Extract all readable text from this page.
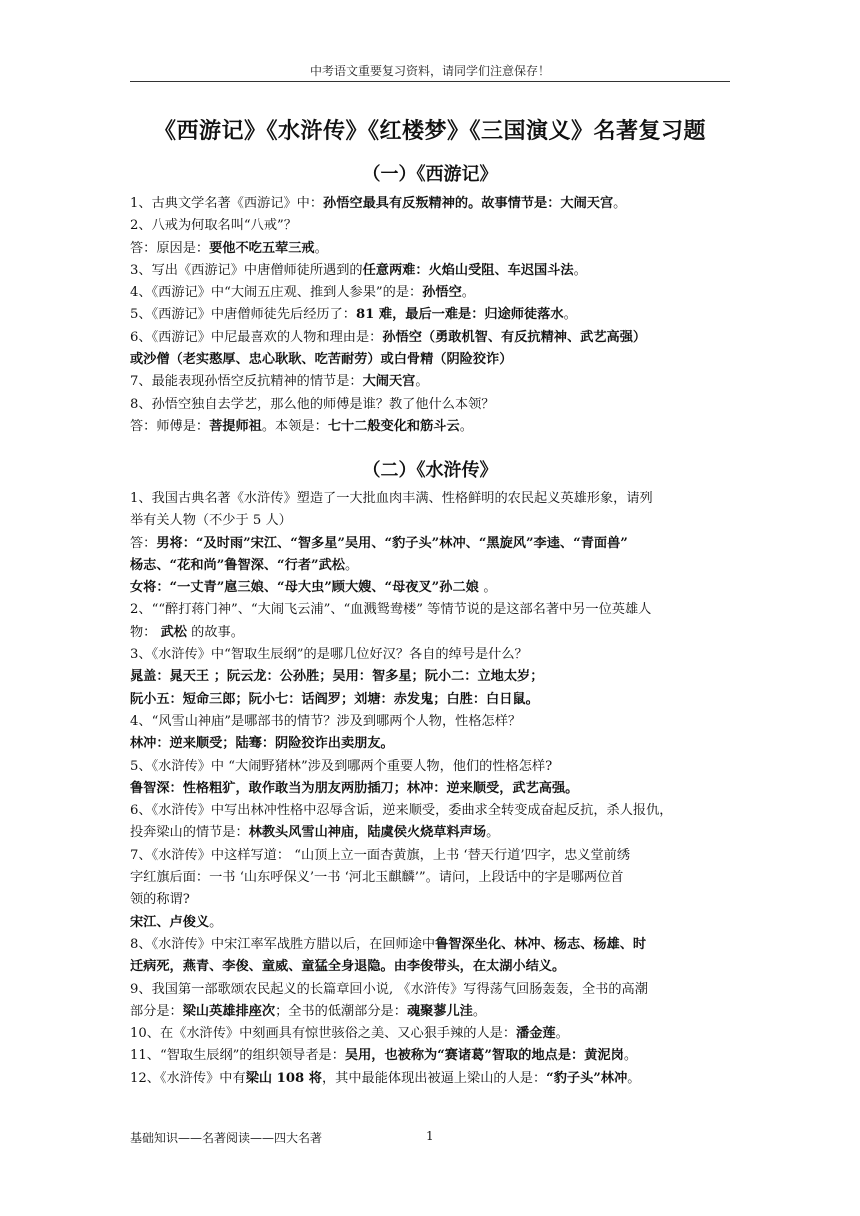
中考语文重要复习资料，请同学们注意保存！
《西游记》《水浒传》《红楼梦》《三国演义》名著复习题
（一）《西游记》
1、古典文学名著《西游记》中：孙悟空最具有反叛精神的。故事情节是：大闹天宫。
2、八戒为何取名叫“八戒”？
答：原因是：要他不吃五荤三戒。
3、写出《西游记》中唐僧师徒所遇到的任意两难：火焰山受阻、车迟国斗法。
4、《西游记》中“大闹五庄观、推到人参果”的是：孙悟空。
5、《西游记》中唐僧师徒先后经历了：81 难，最后一难是：归途师徒落水。
6、《西游记》中尼最喜欢的人物和理由是：孙悟空（勇敢机智、有反抗精神、武艺高强）
或沙僧（老实憨厚、忠心耿耿、吃苦耐劳）或白骨精（阴险狡诈）
7、最能表现孙悟空反抗精神的情节是：大闹天宫。
8、孙悟空独自去学艺，那么他的师傅是谁？教了他什么本领？
答：师傅是：菩提师祖。本领是：七十二般变化和筋斗云。
（二）《水浒传》
1、我国古典名著《水浒传》塑造了一大批血肉丰满、性格鲜明的农民起义英雄形象，请列
举有关人物（不少于 5 人）
答：男将：“及时雨”宋江、“智多星”吴用、“豹子头”林冲、“黑旋风”李逵、“青面兽”
杨志、“花和尚”鲁智深、“行者”武松。
女将：“一丈青”扈三娘、“母大虫”顾大嫂、“母夜叉”孙二娘 。
2、““醉打蒋门神”、“大闹飞云浦”、“血溅鸳鸯楼” 等情节说的是这部名著中另一位英雄人
物： 武松 的故事。
3、《水浒传》中“智取生辰纲”的是哪几位好汉？各自的绰号是什么？
晁盖：晁天王 ；阮云龙：公孙胜；吴用：智多星；阮小二：立地太岁；
阮小五：短命三郎；阮小七：话阎罗；刘塘：赤发鬼；白胜：白日鼠。
4、“风雪山神庙”是哪部书的情节？涉及到哪两个人物，性格怎样？
林冲：逆来顺受；陆骞：阴险狡诈出卖朋友。
5、《水浒传》中 “大闹野猪林”涉及到哪两个重要人物，他们的性格怎样?
鲁智深：性格粗犷，敢作敢当为朋友两肋插刀；林冲：逆来顺受，武艺高强。
6、《水浒传》中写出林冲性格中忍辱含诟，逆来顺受，委曲求全转变成奋起反抗，杀人报仇，
投奔梁山的情节是：林教头风雪山神庙，陆虞侯火烧草料声场。
7、《水浒传》中这样写道： “山顶上立一面杏黄旗，上书 ‘替天行道’四字，忠义堂前绣
字红旗后面：一书 ‘山东呼保义’一书 ‘河北玉麒麟’”。请问，上段话中的字是哪两位首
领的称谓?
宋江、卢俊义。
8、《水浒传》中宋江率军战胜方腊以后，在回师途中鲁智深坐化、林冲、杨志、杨雄、时
迁病死，燕青、李俊、童威、童猛全身退隐。由李俊带头，在太湖小结义。
9、我国第一部歌颂农民起义的长篇章回小说, 《水浒传》写得荡气回肠轰轰，全书的高潮
部分是：梁山英雄排座次；全书的低潮部分是：魂聚蓼儿洼。
10、在《水浒传》中刻画具有惊世骇俗之美、又心狠手辣的人是：潘金莲。
11、“智取生辰纲”的组织领导者是：吴用，也被称为“赛诸葛”智取的地点是：黄泥岗。
12、《水浒传》中有梁山 108 将，其中最能体现出被逼上梁山的人是：“豹子头”林冲。
基础知识——名著阅读——四大名著	1
